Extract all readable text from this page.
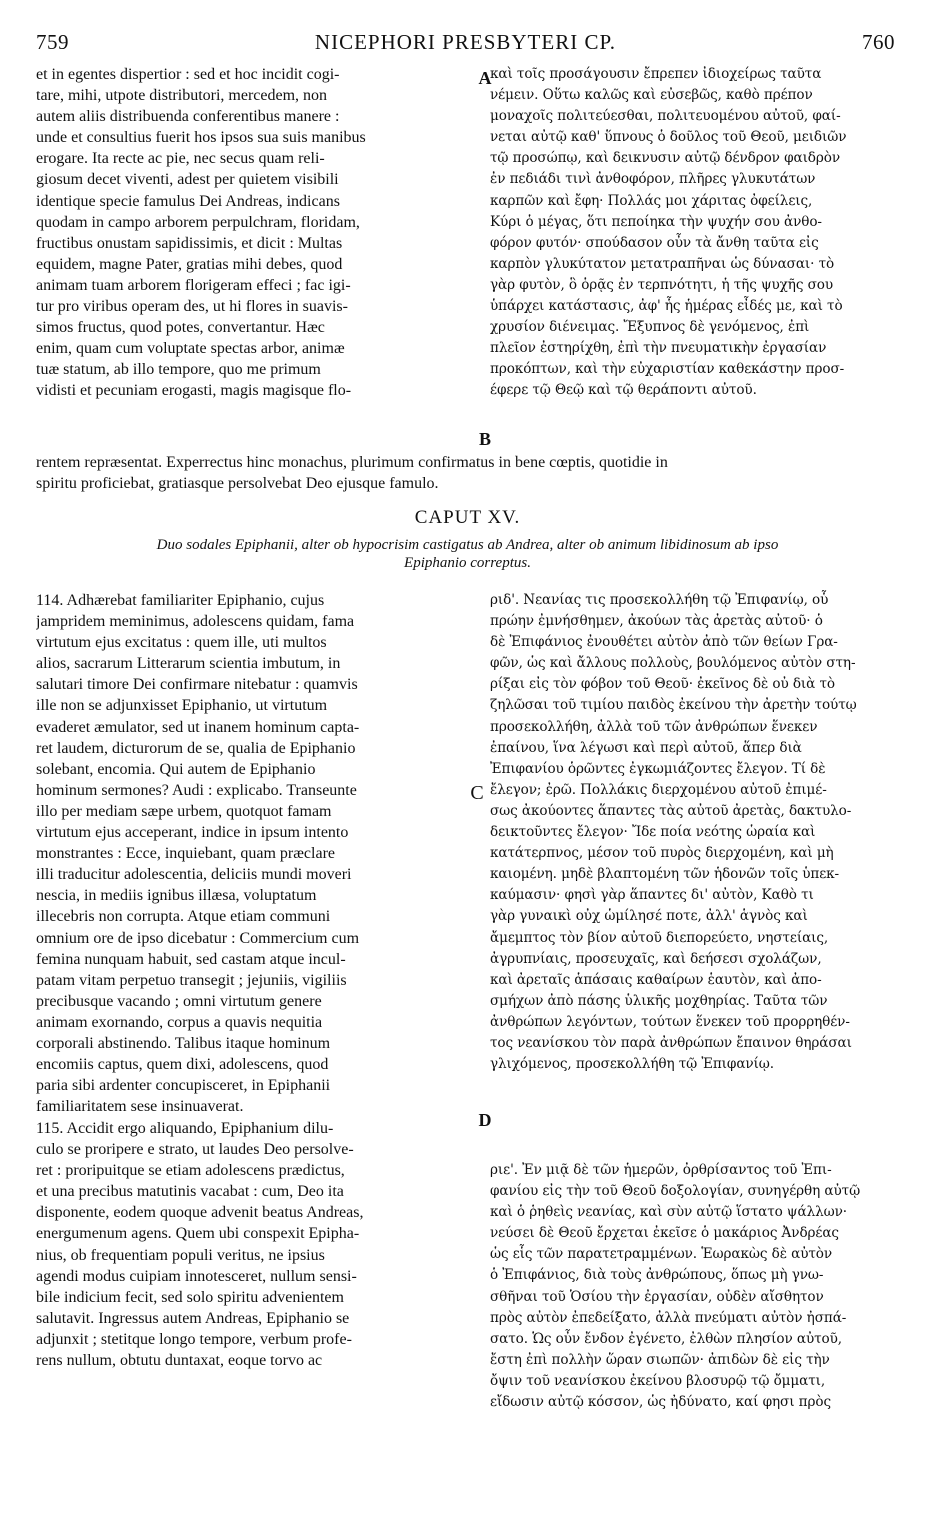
759	NICEPHORI PRESBYTERI CP.	760
A
B
C
D
et in egentes dispertior : sed et hoc incidit cogi-
tare, mihi, utpote distributori, mercedem, non
autem aliis distribuenda conferentibus manere :
unde et consultius fuerit hos ipsos sua suis manibus
erogare. Ita recte ac pie, nec secus quam reli-
giosum decet viventi, adest per quietem visibili
identique specie famulus Dei Andreas, indicans
quodam in campo arborem perpulchram, floridam,
fructibus onustam sapidissimis, et dicit : Multas
equidem, magne Pater, gratias mihi debes, quod
animam tuam arborem florigeram effeci ; fac igi-
tur pro viribus operam des, ut hi flores in suavis-
simos fructus, quod potes, convertantur. Hæc
enim, quam cum voluptate spectas arbor, animæ
tuæ statum, ab illo tempore, quo me primum
vidisti et pecuniam erogasti, magis magisque flo-
καὶ τοῖς προσάγουσιν ἔπρεπεν ἰδιοχείρως ταῦτα
νέμειν. Οὕτω καλῶς καὶ εὐσεβῶς, καθὸ πρέπον
μοναχοῖς πολιτεύεσθαι, πολιτευομένου αὐτοῦ, φαί-
νεται αὐτῷ καθ' ὕπνους ὁ δοῦλος τοῦ Θεοῦ, μειδιῶν
τῷ προσώπῳ, καὶ δεικνυσιν αὐτῷ δένδρον φαιδρὸν
ἐν πεδιάδι τινὶ ἀνθοφόρον, πλῆρες γλυκυτάτων
καρπῶν καὶ ἔφη· Πολλάς μοι χάριτας ὀφείλεις,
Κύρι ὁ μέγας, ὅτι πεποίηκα τὴν ψυχήν σου ἀνθο-
φόρον φυτόν· σπούδασον οὖν τὰ ἄνθη ταῦτα εἰς
καρπὸν γλυκύτατον μετατραπῆναι ὡς δύνασαι· τὸ
γὰρ φυτὸν, ὃ ὁρᾷς ἐν τερπνότητι, ἡ τῆς ψυχῆς σου
ὑπάρχει κατάστασις, ἀφ' ἧς ἡμέρας εἶδές με, καὶ τὸ
χρυσίον διένειμας. Ἔξυπνος δὲ γενόμενος, ἐπὶ
πλεῖον ἐστηρίχθη, ἐπὶ τὴν πνευματικὴν ἐργασίαν
προκόπτων, καὶ τὴν εὐχαριστίαν καθεκάστην προσ-
έφερε τῷ Θεῷ καὶ τῷ θεράποντι αὐτοῦ.
rentem repræsentat. Experrectus hinc monachus, plurimum confirmatus in bene cœptis, quotidie in
spiritu proficiebat, gratiasque persolvebat Deo ejusque famulo.
CAPUT XV.
Duo sodales Epiphanii, alter ob hypocrisim castigatus ab Andrea, alter ob animum libidinosum ab ipso
Epiphanio correptus.
114. Adhærebat familiariter Epiphanio, cujus
jampridem meminimus, adolescens quidam, fama
virtutum ejus excitatus : quem ille, uti multos
alios, sacrarum Litterarum scientia imbutum, in
salutari timore Dei confirmare nitebatur : quamvis
ille non se adjunxisset Epiphanio, ut virtutum
evaderet æmulator, sed ut inanem hominum capta-
ret laudem, dicturorum de se, qualia de Epiphanio
solebant, encomia. Qui autem de Epiphanio
hominum sermones? Audi : explicabo. Transeunte
illo per mediam sæpe urbem, quotquot famam
virtutum ejus acceperant, indice in ipsum intento
monstrantes : Ecce, inquiebant, quam præclare
illi traducitur adolescentia, deliciis mundi moveri
nescia, in mediis ignibus illæsa, voluptatum
illecebris non corrupta. Atque etiam communi
omnium ore de ipso dicebatur : Commercium cum
femina nunquam habuit, sed castam atque incul-
patam vitam perpetuo transegit ; jejuniis, vigiliis
precibusque vacando ; omni virtutum genere
animam exornando, corpus a quavis nequitia
corporali abstinendo. Talibus itaque hominum
encomiis captus, quem dixi, adolescens, quod
paria sibi ardenter concupisceret, in Epiphanii
familiaritatem sese insinuaverat.
ριδ'. Νεανίας τις προσεκολλήθη τῷ Ἐπιφανίῳ, οὗ
πρώην ἐμνήσθημεν, ἀκούων τὰς ἀρετὰς αὐτοῦ· ὁ
δὲ Ἐπιφάνιος ἐνουθέτει αὐτὸν ἀπὸ τῶν θείων Γρα-
φῶν, ὡς καὶ ἄλλους πολλοὺς, βουλόμενος αὐτὸν στη-
ρίξαι εἰς τὸν φόβον τοῦ Θεοῦ· ἐκεῖνος δὲ οὐ διὰ τὸ
ζηλῶσαι τοῦ τιμίου παιδὸς ἐκείνου τὴν ἀρετὴν τούτῳ
προσεκολλήθη, ἀλλὰ τοῦ τῶν ἀνθρώπων ἕνεκεν
ἐπαίνου, ἵνα λέγωσι καὶ περὶ αὐτοῦ, ἅπερ διὰ
Ἐπιφανίου ὁρῶντες ἐγκωμιάζοντες ἔλεγον. Τί δὲ
ἔλεγον; ἐρῶ. Πολλάκις διερχομένου αὐτοῦ ἐπιμέ-
σως ἀκούοντες ἅπαντες τὰς αὐτοῦ ἀρετὰς, δακτυλο-
δεικτοῦντες ἔλεγον· Ἴδε ποία νεότης ὡραία καὶ
κατάτερπνος, μέσον τοῦ πυρὸς διερχομένη, καὶ μὴ
καιομένη. μηδὲ βλαπτομένη τῶν ἡδονῶν τοῖς ὑπεκ-
καύμασιν· φησὶ γὰρ ἅπαντες δι' αὐτὸν, Καθὸ τι
γὰρ γυναικὶ οὐχ ὡμίλησέ ποτε, ἀλλ' ἁγνὸς καὶ
ἄμεμπτος τὸν βίον αὐτοῦ διεπορεύετο, νηστείαις,
ἀγρυπνίαις, προσευχαῖς, καὶ δεήσεσι σχολάζων,
καὶ ἀρεταῖς ἁπάσαις καθαίρων ἑαυτὸν, καὶ ἀπο-
σμήχων ἀπὸ πάσης ὑλικῆς μοχθηρίας. Ταῦτα τῶν
ἀνθρώπων λεγόντων, τούτων ἕνεκεν τοῦ προρρηθέν-
τος νεανίσκου τὸν παρὰ ἀνθρώπων ἔπαινον θηράσαι
γλιχόμενος, προσεκολλήθη τῷ Ἐπιφανίῳ.
115. Accidit ergo aliquando, Epiphanium dilu-
culo se proripere e strato, ut laudes Deo persolve-
ret : proripuitque se etiam adolescens prædictus,
et una precibus matutinis vacabat : cum, Deo ita
disponente, eodem quoque advenit beatus Andreas,
energumenum agens. Quem ubi conspexit Epipha-
nius, ob frequentiam populi veritus, ne ipsius
agendi modus cuipiam innotesceret, nullum sensi-
bile indicium fecit, sed solo spiritu advenientem
salutavit. Ingressus autem Andreas, Epiphanio se
adjunxit ; stetitque longo tempore, verbum profe-
rens nullum, obtutu duntaxat, eoque torvo ac
ριε'. Ἐν μιᾷ δὲ τῶν ἡμερῶν, ὀρθρίσαντος τοῦ Ἐπι-
φανίου εἰς τὴν τοῦ Θεοῦ δοξολογίαν, συνηγέρθη αὐτῷ
καὶ ὁ ῥηθεὶς νεανίας, καὶ σὺν αὐτῷ ἵστατο ψάλλων·
νεύσει δὲ Θεοῦ ἔρχεται ἐκεῖσε ὁ μακάριος Ἀνδρέας
ὡς εἷς τῶν παρατετραμμένων. Ἑωρακὼς δὲ αὐτὸν
ὁ Ἐπιφάνιος, διὰ τοὺς ἀνθρώπους, ὅπως μὴ γνω-
σθῆναι τοῦ Ὁσίου τὴν ἐργασίαν, οὐδὲν αἴσθητον
πρὸς αὐτὸν ἐπεδείξατο, ἀλλὰ πνεύματι αὐτὸν ἠσπά-
σατο. Ὡς οὖν ἔνδον ἐγένετο, ἐλθὼν πλησίον αὐτοῦ,
ἔστη ἐπὶ πολλὴν ὥραν σιωπῶν· ἀπιδὼν δὲ εἰς τὴν
ὄψιν τοῦ νεανίσκου ἐκείνου βλοσυρῷ τῷ ὄμματι,
εἴδωσιν αὐτῷ κόσσον, ὡς ἠδύνατο, καί φησι πρὸς
